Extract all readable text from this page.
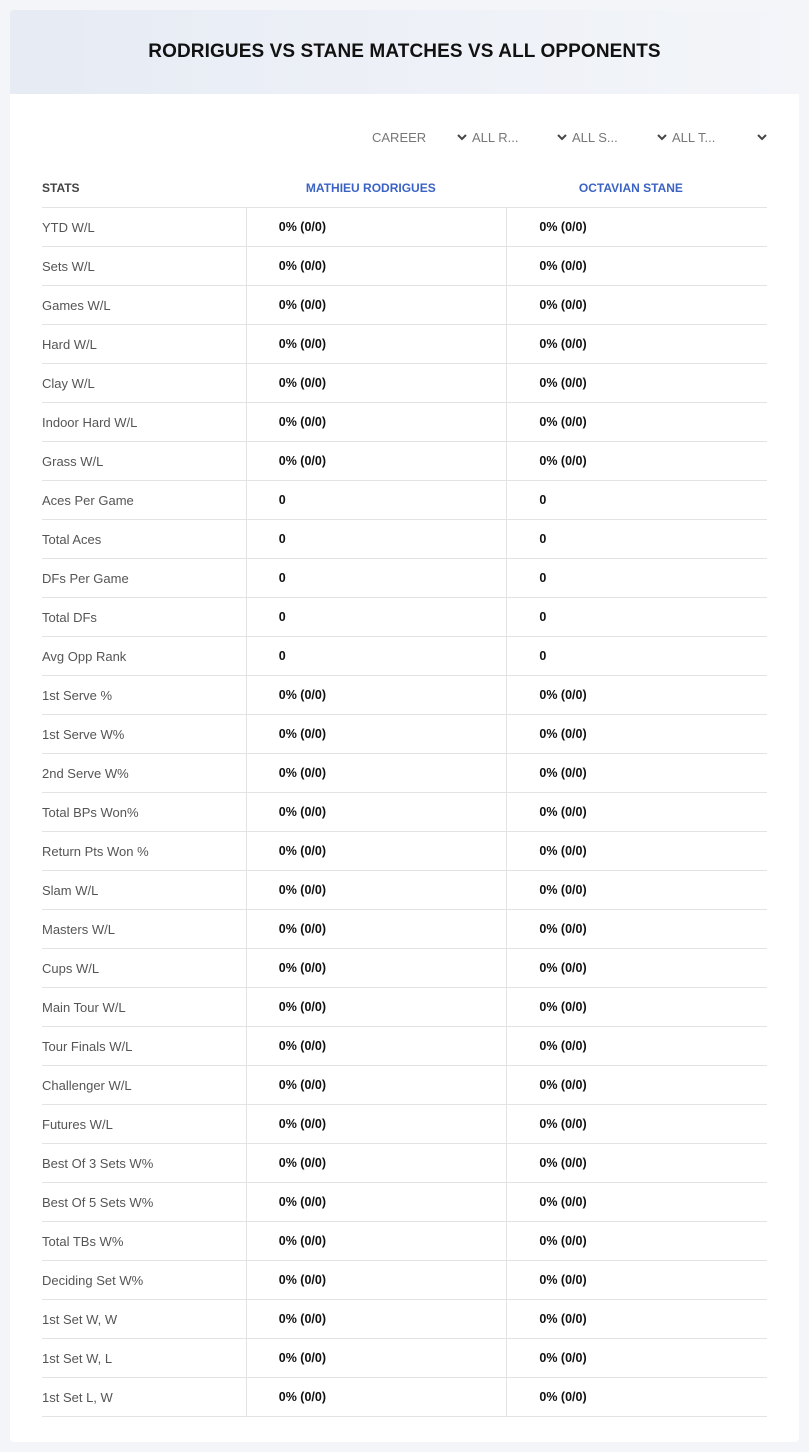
RODRIGUES VS STANE MATCHES VS ALL OPPONENTS
CAREER	ALL R...	ALL S...	ALL T...
STATS	MATHIEU RODRIGUES	OCTAVIAN STANE
YTD W/L	0% (0/0)	0% (0/0)
Sets W/L	0% (0/0)	0% (0/0)
Games W/L	0% (0/0)	0% (0/0)
Hard W/L	0% (0/0)	0% (0/0)
Clay W/L	0% (0/0)	0% (0/0)
Indoor Hard W/L	0% (0/0)	0% (0/0)
Grass W/L	0% (0/0)	0% (0/0)
Aces Per Game	0	0
Total Aces	0	0
DFs Per Game	0	0
Total DFs	0	0
Avg Opp Rank	0	0
1st Serve %	0% (0/0)	0% (0/0)
1st Serve W%	0% (0/0)	0% (0/0)
2nd Serve W%	0% (0/0)	0% (0/0)
Total BPs Won%	0% (0/0)	0% (0/0)
Return Pts Won %	0% (0/0)	0% (0/0)
Slam W/L	0% (0/0)	0% (0/0)
Masters W/L	0% (0/0)	0% (0/0)
Cups W/L	0% (0/0)	0% (0/0)
Main Tour W/L	0% (0/0)	0% (0/0)
Tour Finals W/L	0% (0/0)	0% (0/0)
Challenger W/L	0% (0/0)	0% (0/0)
Futures W/L	0% (0/0)	0% (0/0)
Best Of 3 Sets W%	0% (0/0)	0% (0/0)
Best Of 5 Sets W%	0% (0/0)	0% (0/0)
Total TBs W%	0% (0/0)	0% (0/0)
Deciding Set W%	0% (0/0)	0% (0/0)
1st Set W, W	0% (0/0)	0% (0/0)
1st Set W, L	0% (0/0)	0% (0/0)
1st Set L, W	0% (0/0)	0% (0/0)
